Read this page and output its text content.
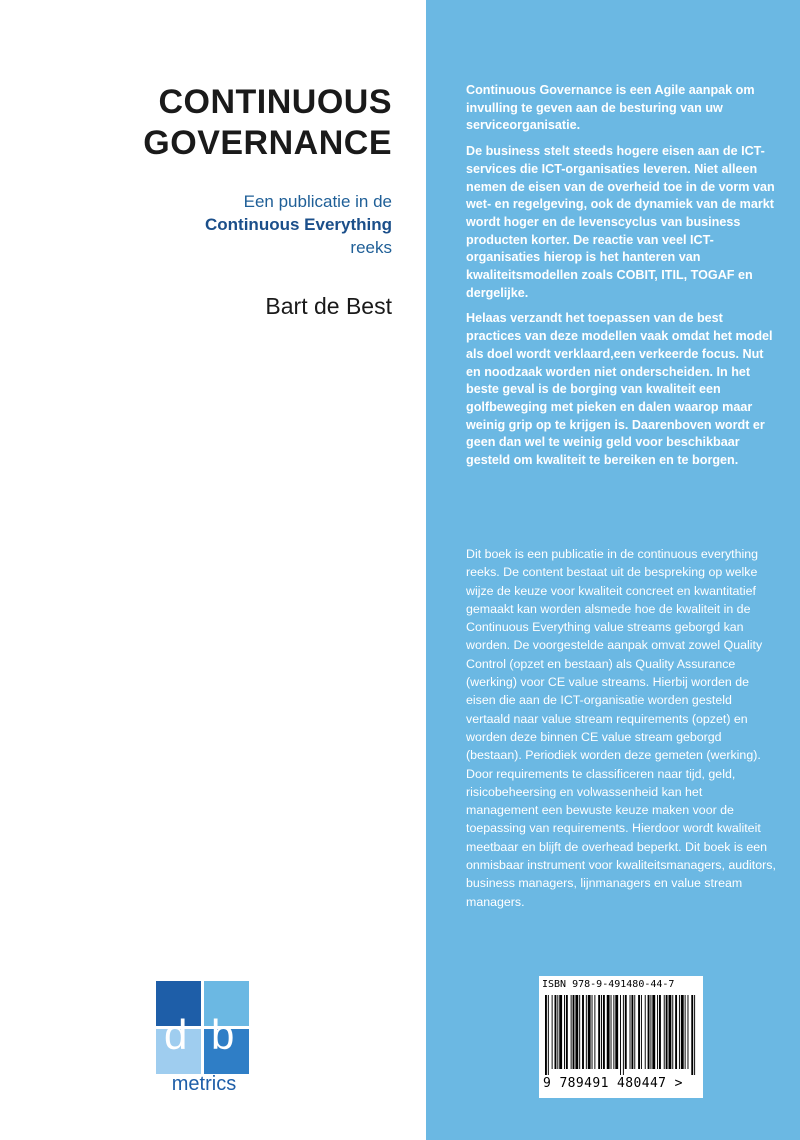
CONTINUOUS GOVERNANCE
Een publicatie in de
Continuous Everything
reeks
Bart de Best
d b
metrics

Continuous Governance is een Agile aanpak om invulling te geven aan de besturing van uw serviceorganisatie.

De business stelt steeds hogere eisen aan de ICT-services die ICT-organisaties leveren. Niet alleen nemen de eisen van de overheid toe in de vorm van wet- en regelgeving, ook de dynamiek van de markt wordt hoger en de levenscyclus van business producten korter. De reactie van veel ICT-organisaties hierop is het hanteren van kwaliteitsmodellen zoals COBIT, ITIL, TOGAF en dergelijke.

Helaas verzandt het toepassen van de best practices van deze modellen vaak omdat het model als doel wordt verklaard,een verkeerde focus. Nut en noodzaak worden niet onderscheiden. In het beste geval is de borging van kwaliteit een golfbeweging met pieken en dalen waarop maar weinig grip op te krijgen is. Daarenboven wordt er geen dan wel te weinig geld voor beschikbaar gesteld om kwaliteit te bereiken en te borgen.

Dit boek is een publicatie in de continuous everything reeks. De content bestaat uit de bespreking op welke wijze de keuze voor kwaliteit concreet en kwantitatief gemaakt kan worden alsmede hoe de kwaliteit in de Continuous Everything value streams geborgd kan worden. De voorgestelde aanpak omvat zowel Quality Control (opzet en bestaan) als Quality Assurance (werking) voor CE value streams. Hierbij worden de eisen die aan de ICT-organisatie worden gesteld vertaald naar value stream requirements (opzet) en worden deze binnen CE value stream geborgd (bestaan). Periodiek worden deze gemeten (werking). Door requirements te classificeren naar tijd, geld, risicobeheersing en volwassenheid kan het management een bewuste keuze maken voor de toepassing van requirements. Hierdoor wordt kwaliteit meetbaar en blijft de overhead beperkt. Dit boek is een onmisbaar instrument voor kwaliteitsmanagers, auditors, business managers, lijnmanagers en value stream managers.

ISBN 978-9-491480-44-7
9 789491 480447 >
